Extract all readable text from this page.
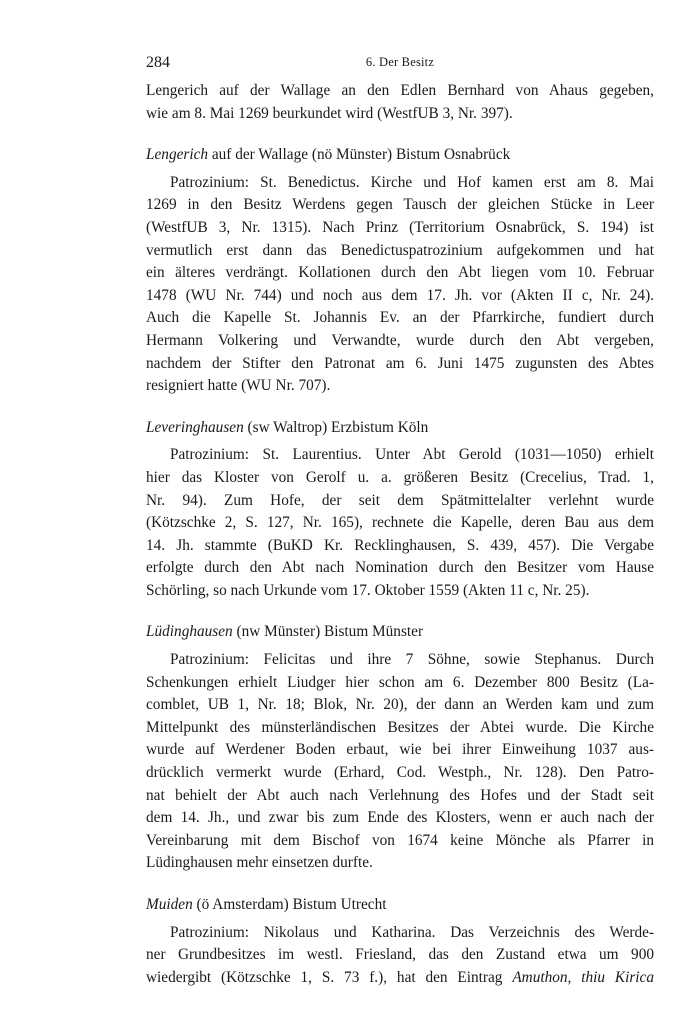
284	6. Der Besitz

Lengerich auf der Wallage an den Edlen Bernhard von Ahaus gegeben,

wie am 8. Mai 1269 beurkundet wird (WestfUB 3, Nr. 397).

Lengerich auf der Wallage (nö Münster) Bistum Osnabrück

Patrozinium: St. Benedictus. Kirche und Hof kamen erst am 8. Mai

1269 in den Besitz Werdens gegen Tausch der gleichen Stücke in Leer

(WestfUB 3, Nr. 1315). Nach Prinz (Territorium Osnabrück, S. 194) ist

vermutlich erst dann das Benedictuspatrozinium aufgekommen und hat

ein älteres verdrängt. Kollationen durch den Abt liegen vom 10. Februar

1478 (WU Nr. 744) und noch aus dem 17. Jh. vor (Akten II c, Nr. 24).

Auch die Kapelle St. Johannis Ev. an der Pfarrkirche, fundiert durch

Hermann Volkering und Verwandte, wurde durch den Abt vergeben,

nachdem der Stifter den Patronat am 6. Juni 1475 zugunsten des Abtes

resigniert hatte (WU Nr. 707).

Leveringhausen (sw Waltrop) Erzbistum Köln

Patrozinium: St. Laurentius. Unter Abt Gerold (1031—1050) erhielt

hier das Kloster von Gerolf u. a. größeren Besitz (Crecelius, Trad. 1,

Nr. 94). Zum Hofe, der seit dem Spätmittelalter verlehnt wurde

(Kötzschke 2, S. 127, Nr. 165), rechnete die Kapelle, deren Bau aus dem

14. Jh. stammte (BuKD Kr. Recklinghausen, S. 439, 457). Die Vergabe

erfolgte durch den Abt nach Nomination durch den Besitzer vom Hause

Schörling, so nach Urkunde vom 17. Oktober 1559 (Akten 11 c, Nr. 25).

Lüdinghausen (nw Münster) Bistum Münster

Patrozinium: Felicitas und ihre 7 Söhne, sowie Stephanus. Durch

Schenkungen erhielt Liudger hier schon am 6. Dezember 800 Besitz (La-

comblet, UB 1, Nr. 18; Blok, Nr. 20), der dann an Werden kam und zum

Mittelpunkt des münsterländischen Besitzes der Abtei wurde. Die Kirche

wurde auf Werdener Boden erbaut, wie bei ihrer Einweihung 1037 aus-

drücklich vermerkt wurde (Erhard, Cod. Westph., Nr. 128). Den Patro-

nat behielt der Abt auch nach Verlehnung des Hofes und der Stadt seit

dem 14. Jh., und zwar bis zum Ende des Klosters, wenn er auch nach der

Vereinbarung mit dem Bischof von 1674 keine Mönche als Pfarrer in

Lüdinghausen mehr einsetzen durfte.

Muiden (ö Amsterdam) Bistum Utrecht

Patrozinium: Nikolaus und Katharina. Das Verzeichnis des Werde-

ner Grundbesitzes im westl. Friesland, das den Zustand etwa um 900

wiedergibt (Kötzschke 1, S. 73 f.), hat den Eintrag Amuthon, thiu Kirica
